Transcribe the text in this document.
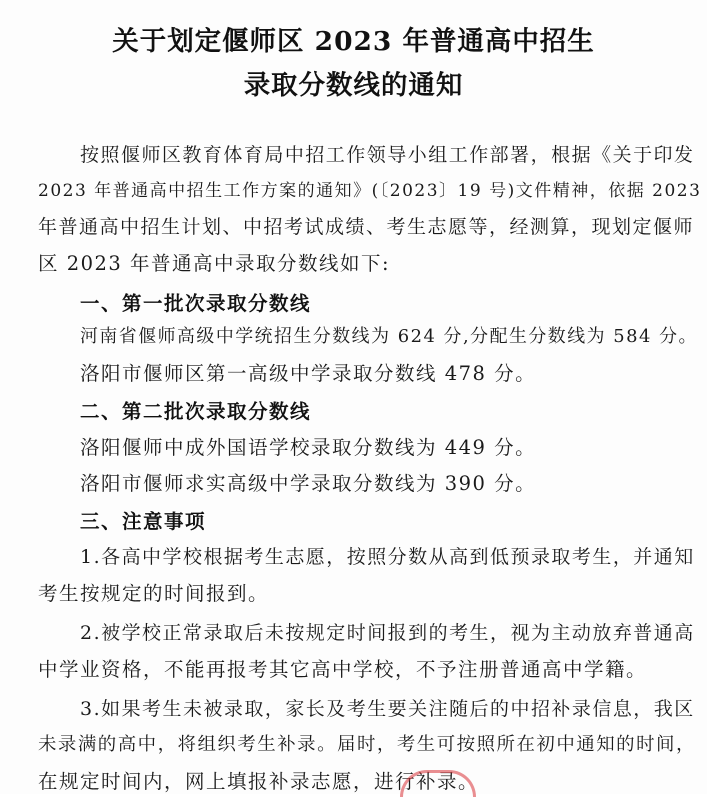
关于划定偃师区 2023 年普通高中招生
录取分数线的通知
按照偃师区教育体育局中招工作领导小组工作部署，根据《关于印发
2023 年普通高中招生工作方案的通知》(〔2023〕19 号)文件精神，依据 2023
年普通高中招生计划、中招考试成绩、考生志愿等，经测算，现划定偃师
区 2023 年普通高中录取分数线如下:
一、第一批次录取分数线
河南省偃师高级中学统招生分数线为 624 分,分配生分数线为 584 分。
洛阳市偃师区第一高级中学录取分数线 478 分。
二、第二批次录取分数线
洛阳偃师中成外国语学校录取分数线为 449 分。
洛阳市偃师求实高级中学录取分数线为 390 分。
三、注意事项
1.各高中学校根据考生志愿，按照分数从高到低预录取考生，并通知
考生按规定的时间报到。
2.被学校正常录取后未按规定时间报到的考生，视为主动放弃普通高
中学业资格，不能再报考其它高中学校，不予注册普通高中学籍。
3.如果考生未被录取，家长及考生要关注随后的中招补录信息，我区
未录满的高中，将组织考生补录。届时，考生可按照所在初中通知的时间，
在规定时间内，网上填报补录志愿，进行补录。
